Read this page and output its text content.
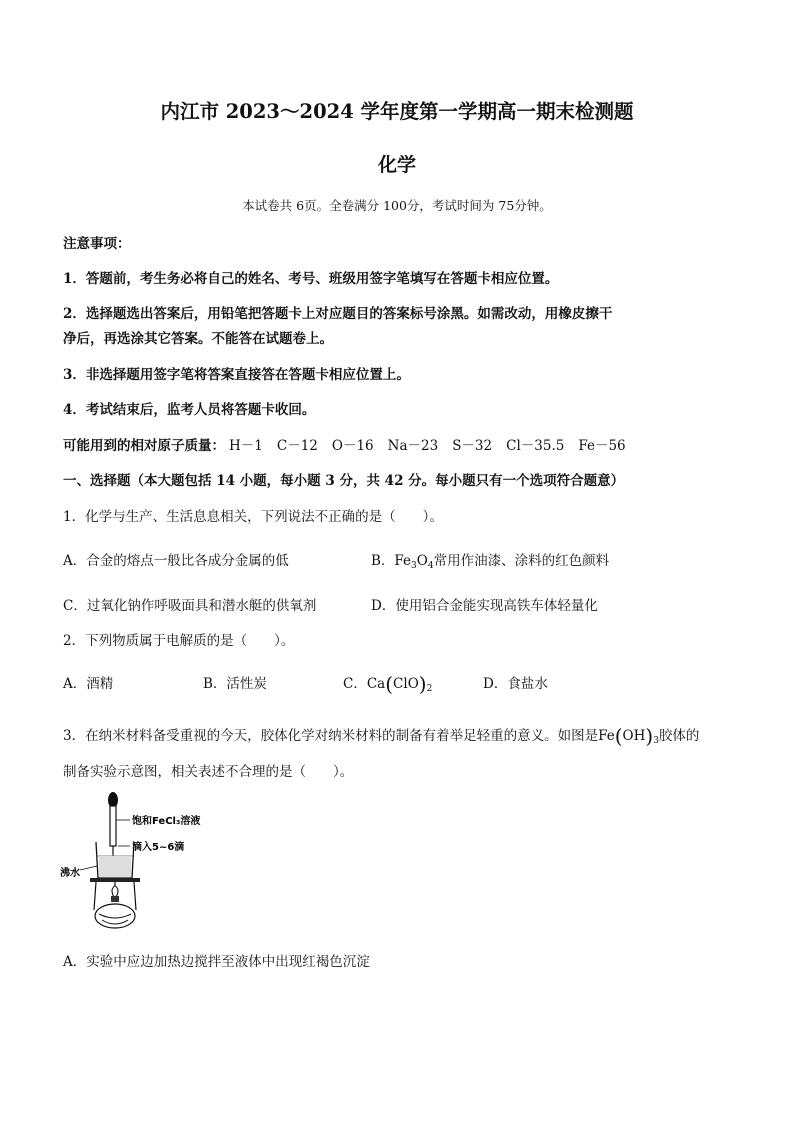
内江市 2023～2024 学年度第一学期高一期末检测题
化学
本试卷共 6页。全卷满分 100分，考试时间为 75分钟。
注意事项：
1．答题前，考生务必将自己的姓名、考号、班级用签字笔填写在答题卡相应位置。
2．选择题选出答案后，用铅笔把答题卡上对应题目的答案标号涂黑。如需改动，用橡皮擦干
净后，再选涂其它答案。不能答在试题卷上。
3．非选择题用签字笔将答案直接答在答题卡相应位置上。
4．考试结束后，监考人员将答题卡收回。
可能用到的相对原子质量： H－1 C－12 O－16 Na－23 S－32 Cl－35.5 Fe－56
一、选择题（本大题包括 14 小题，每小题 3 分，共 42 分。每小题只有一个选项符合题意）
1．化学与生产、生活息息相关，下列说法不正确的是（　　）。
A．合金的熔点一般比各成分金属的低	B．$Fe_3O_4$常用作油漆、涂料的红色颜料
C．过氧化钠作呼吸面具和潜水艇的供氧剂	D．使用铝合金能实现高铁车体轻量化
2．下列物质属于电解质的是（　　）。
A．酒精	B．活性炭	C．$Ca(ClO)_2$	D．食盐水
3．在纳米材料备受重视的今天，胶体化学对纳米材料的制备有着举足轻重的意义。如图是$Fe(OH)_3$胶体的
制备实验示意图，相关表述不合理的是（　　）。
饱和FeCl₃溶液
滴入5~6滴
沸水
A．实验中应边加热边搅拌至液体中出现红褐色沉淀
